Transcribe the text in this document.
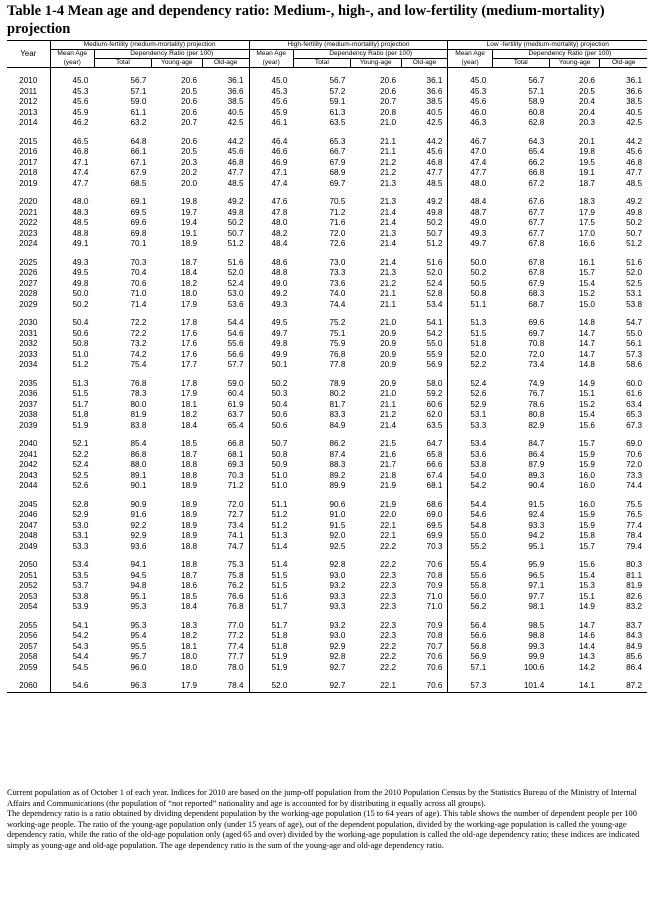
Table 1-4 Mean age and dependency ratio: Medium-, high-, and low-fertility (medium-mortality) projection
Year	Medium-fertility (medium-mortality) projection				High-fertility (medium-mortality) projection				Low -fertility (medium-mortality) projection			
	Mean Age	Dependency Ratio (per 100)			Mean Age	Dependency Ratio (per 100)			Mean Age	Dependency Ratio (per 100)		
	(year)	Total	Young-age	Old-age	(year)	Total	Young-age	Old-age	(year)	Total	Young-age	Old-age

2010	45.0	56.7	20.6	36.1	45.0	56.7	20.6	36.1	45.0	56.7	20.6	36.1
2011	45.3	57.1	20.5	36.6	45.3	57.2	20.6	36.6	45.3	57.1	20.5	36.6
2012	45.6	59.0	20.6	38.5	45.6	59.1	20.7	38.5	45.6	58.9	20.4	38.5
2013	45.9	61.1	20.6	40.5	45.9	61.3	20.8	40.5	46.0	60.8	20.4	40.5
2014	46.2	63.2	20.7	42.5	46.1	63.5	21.0	42.5	46.3	62.8	20.3	42.5

2015	46.5	64.8	20.6	44.2	46.4	65.3	21.1	44.2	46.7	64.3	20.1	44.2
2016	46.8	66.1	20.5	45.6	46.6	66.7	21.1	45.6	47.0	65.4	19.8	45.6
2017	47.1	67.1	20.3	46.8	46.9	67.9	21.2	46.8	47.4	66.2	19.5	46.8
2018	47.4	67.9	20.2	47.7	47.1	68.9	21.2	47.7	47.7	66.8	19.1	47.7
2019	47.7	68.5	20.0	48.5	47.4	69.7	21.3	48.5	48.0	67.2	18.7	48.5

2020	48.0	69.1	19.8	49.2	47.6	70.5	21.3	49.2	48.4	67.6	18.3	49.2
2021	48.3	69.5	19.7	49.8	47.8	71.2	21.4	49.8	48.7	67.7	17.9	49.8
2022	48.5	69.6	19.4	50.2	48.0	71.6	21.4	50.2	49.0	67.7	17.5	50.2
2023	48.8	69.8	19.1	50.7	48.2	72.0	21.3	50.7	49.3	67.7	17.0	50.7
2024	49.1	70.1	18.9	51.2	48.4	72.6	21.4	51.2	49.7	67.8	16.6	51.2

2025	49.3	70.3	18.7	51.6	48.6	73.0	21.4	51.6	50.0	67.8	16.1	51.6
2026	49.5	70.4	18.4	52.0	48.8	73.3	21.3	52.0	50.2	67.8	15.7	52.0
2027	49.8	70.6	18.2	52.4	49.0	73.6	21.2	52.4	50.5	67.9	15.4	52.5
2028	50.0	71.0	18.0	53.0	49.2	74.0	21.1	52.8	50.8	68.3	15.2	53.1
2029	50.2	71.4	17.9	53.6	49.3	74.4	21.1	53.4	51.1	68.7	15.0	53.8

2030	50.4	72.2	17.8	54.4	49.5	75.2	21.0	54.1	51.3	69.6	14.8	54.7
2031	50.6	72.2	17.6	54.6	49.7	75.1	20.9	54.2	51.5	69.7	14.7	55.0
2032	50.8	73.2	17.6	55.6	49.8	75.9	20.9	55.0	51.8	70.8	14.7	56.1
2033	51.0	74.2	17.6	56.6	49.9	76.8	20.9	55.9	52.0	72.0	14.7	57.3
2034	51.2	75.4	17.7	57.7	50.1	77.8	20.9	56.9	52.2	73.4	14.8	58.6

2035	51.3	76.8	17.8	59.0	50.2	78.9	20.9	58.0	52.4	74.9	14.9	60.0
2036	51.5	78.3	17.9	60.4	50.3	80.2	21.0	59.2	52.6	76.7	15.1	61.6
2037	51.7	80.0	18.1	61.9	50.4	81.7	21.1	60.6	52.9	78.6	15.2	63.4
2038	51.8	81.9	18.2	63.7	50.6	83.3	21.2	62.0	53.1	80.8	15.4	65.3
2039	51.9	83.8	18.4	65.4	50.6	84.9	21.4	63.5	53.3	82.9	15.6	67.3

2040	52.1	85.4	18.5	66.8	50.7	86.2	21.5	64.7	53.4	84.7	15.7	69.0
2041	52.2	86.8	18.7	68.1	50.8	87.4	21.6	65.8	53.6	86.4	15.9	70.6
2042	52.4	88.0	18.8	69.3	50.9	88.3	21.7	66.6	53.8	87.9	15.9	72.0
2043	52.5	89.1	18.8	70.3	51.0	89.2	21.8	67.4	54.0	89.3	16.0	73.3
2044	52.6	90.1	18.9	71.2	51.0	89.9	21.9	68.1	54.2	90.4	16.0	74.4

2045	52.8	90.9	18.9	72.0	51.1	90.6	21.9	68.6	54.4	91.5	16.0	75.5
2046	52.9	91.6	18.9	72.7	51.2	91.0	22.0	69.0	54.6	92.4	15.9	76.5
2047	53.0	92.2	18.9	73.4	51.2	91.5	22.1	69.5	54.8	93.3	15.9	77.4
2048	53.1	92.9	18.9	74.1	51.3	92.0	22.1	69.9	55.0	94.2	15.8	78.4
2049	53.3	93.6	18.8	74.7	51.4	92.5	22.2	70.3	55.2	95.1	15.7	79.4

2050	53.4	94.1	18.8	75.3	51.4	92.8	22.2	70.6	55.4	95.9	15.6	80.3
2051	53.5	94.5	18.7	75.8	51.5	93.0	22.3	70.8	55.6	96.5	15.4	81.1
2052	53.7	94.8	18.6	76.2	51.5	93.2	22.3	70.9	55.8	97.1	15.3	81.9
2053	53.8	95.1	18.5	76.6	51.6	93.3	22.3	71.0	56.0	97.7	15.1	82.6
2054	53.9	95.3	18.4	76.8	51.7	93.3	22.3	71.0	56.2	98.1	14.9	83.2

2055	54.1	95.3	18.3	77.0	51.7	93.2	22.3	70.9	56.4	98.5	14.7	83.7
2056	54.2	95.4	18.2	77.2	51.8	93.0	22.3	70.8	56.6	98.8	14.6	84.3
2057	54.3	95.5	18.1	77.4	51.8	92.9	22.2	70.7	56.8	99.3	14.4	84.9
2058	54.4	95.7	18.0	77.7	51.9	92.8	22.2	70.6	56.9	99.9	14.3	85.6
2059	54.5	96.0	18.0	78.0	51.9	92.7	22.2	70.6	57.1	100.6	14.2	86.4

2060	54.6	96.3	17.9	78.4	52.0	92.7	22.1	70.6	57.3	101.4	14.1	87.2

Current population as of October 1 of each year. Indices for 2010 are based on the jump-off population from the 2010 Population Census by the Statistics Bureau of the Ministry of Internal Affairs and Communications (the population of “not reported” nationality and age is accounted for by distributing it equally across all groups).

The dependency ratio is a ratio obtained by dividing dependent population by the working-age population (15 to 64 years of age). This table shows the number of dependent people per 100 working-age people. The ratio of the young-age population only (under 15 years of age), out of the dependent population, divided by the working-age population is called the young-age dependency ratio, while the ratio of the old-age population only (aged 65 and over) divided by the working-age population is called the old-age dependency ratio; these indices are indicated simply as young-age and old-age population. The age dependency ratio is the sum of the young-age and old-age dependency ratio.
